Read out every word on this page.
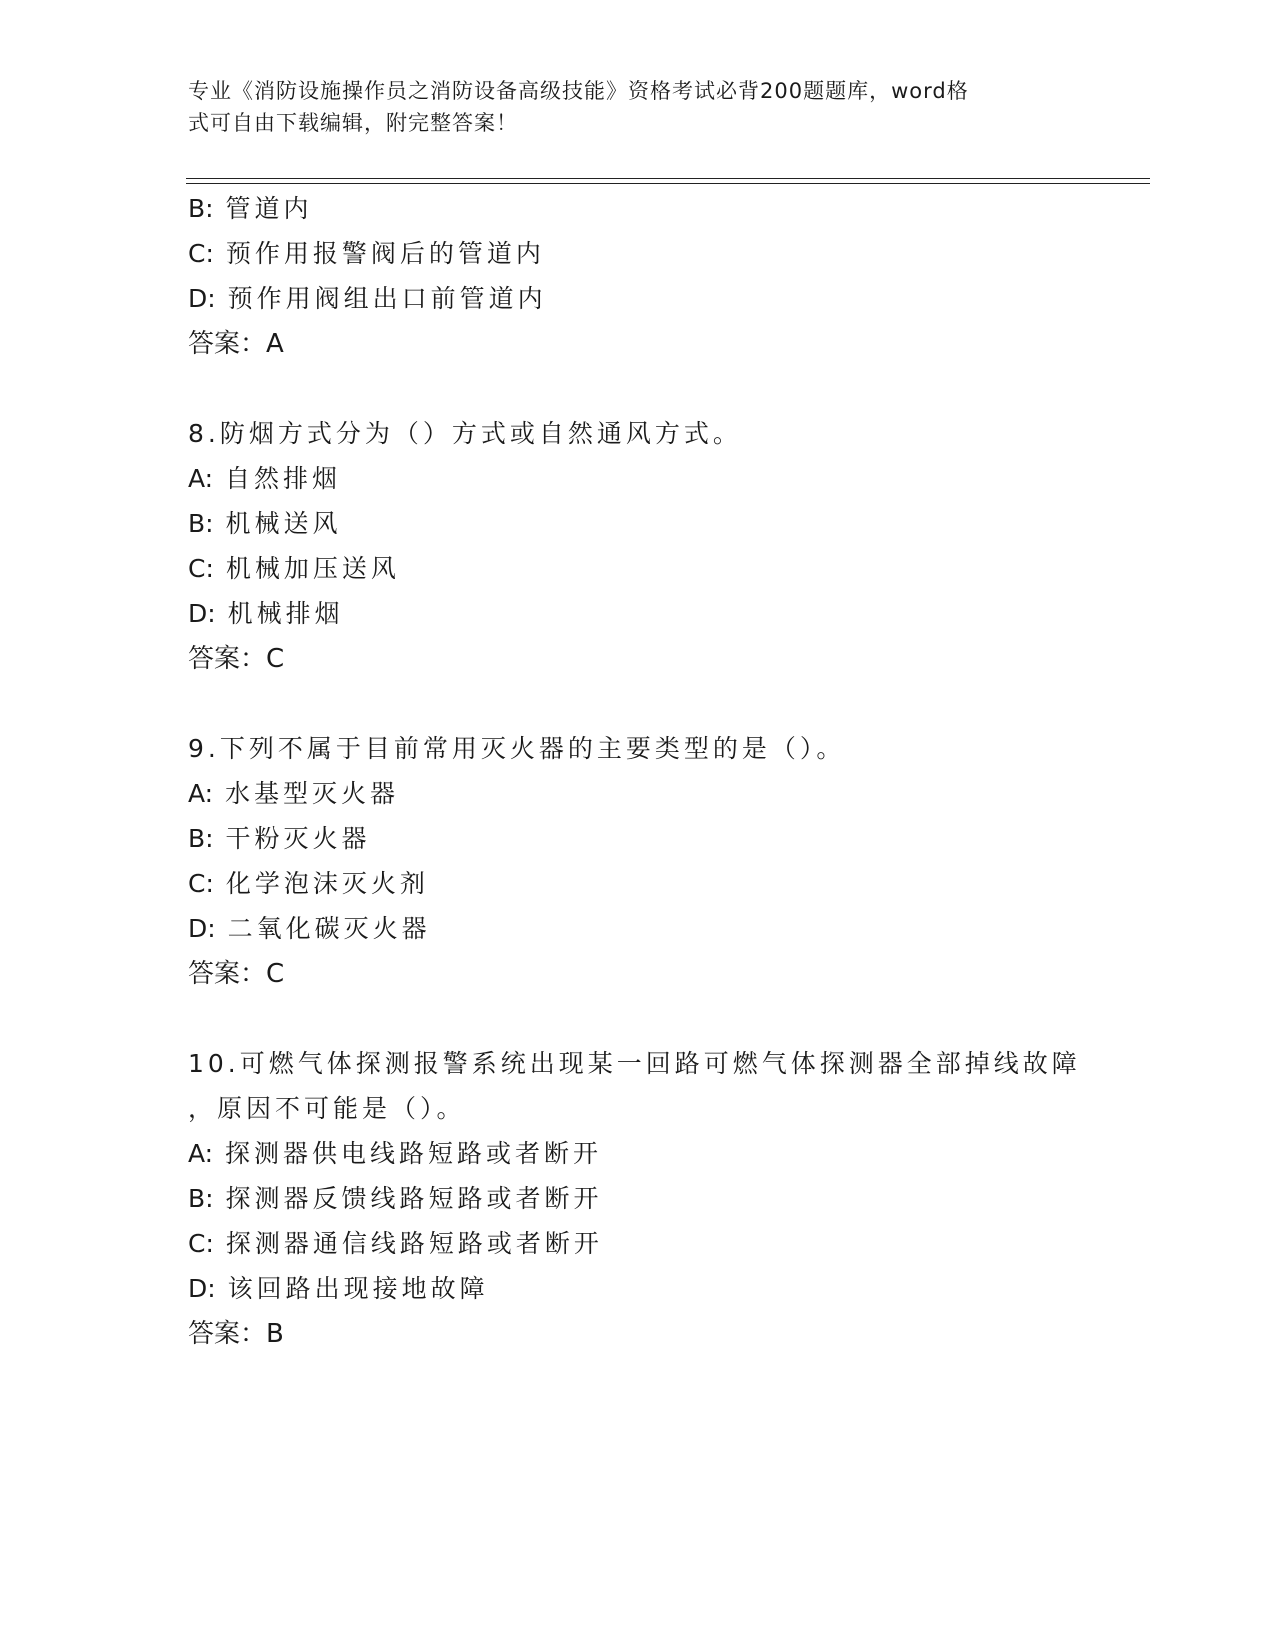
专业《消防设施操作员之消防设备高级技能》资格考试必背200题题库，word格
式可自由下载编辑，附完整答案！
B: 管道内
C: 预作用报警阀后的管道内
D: 预作用阀组出口前管道内
答案：A
8.防烟方式分为（）方式或自然通风方式。
A: 自然排烟
B: 机械送风
C: 机械加压送风
D: 机械排烟
答案：C
9.下列不属于目前常用灭火器的主要类型的是（）。
A: 水基型灭火器
B: 干粉灭火器
C: 化学泡沫灭火剂
D: 二氧化碳灭火器
答案：C
10.可燃气体探测报警系统出现某一回路可燃气体探测器全部掉线故障
，原因不可能是（）。
A: 探测器供电线路短路或者断开
B: 探测器反馈线路短路或者断开
C: 探测器通信线路短路或者断开
D: 该回路出现接地故障
答案：B
